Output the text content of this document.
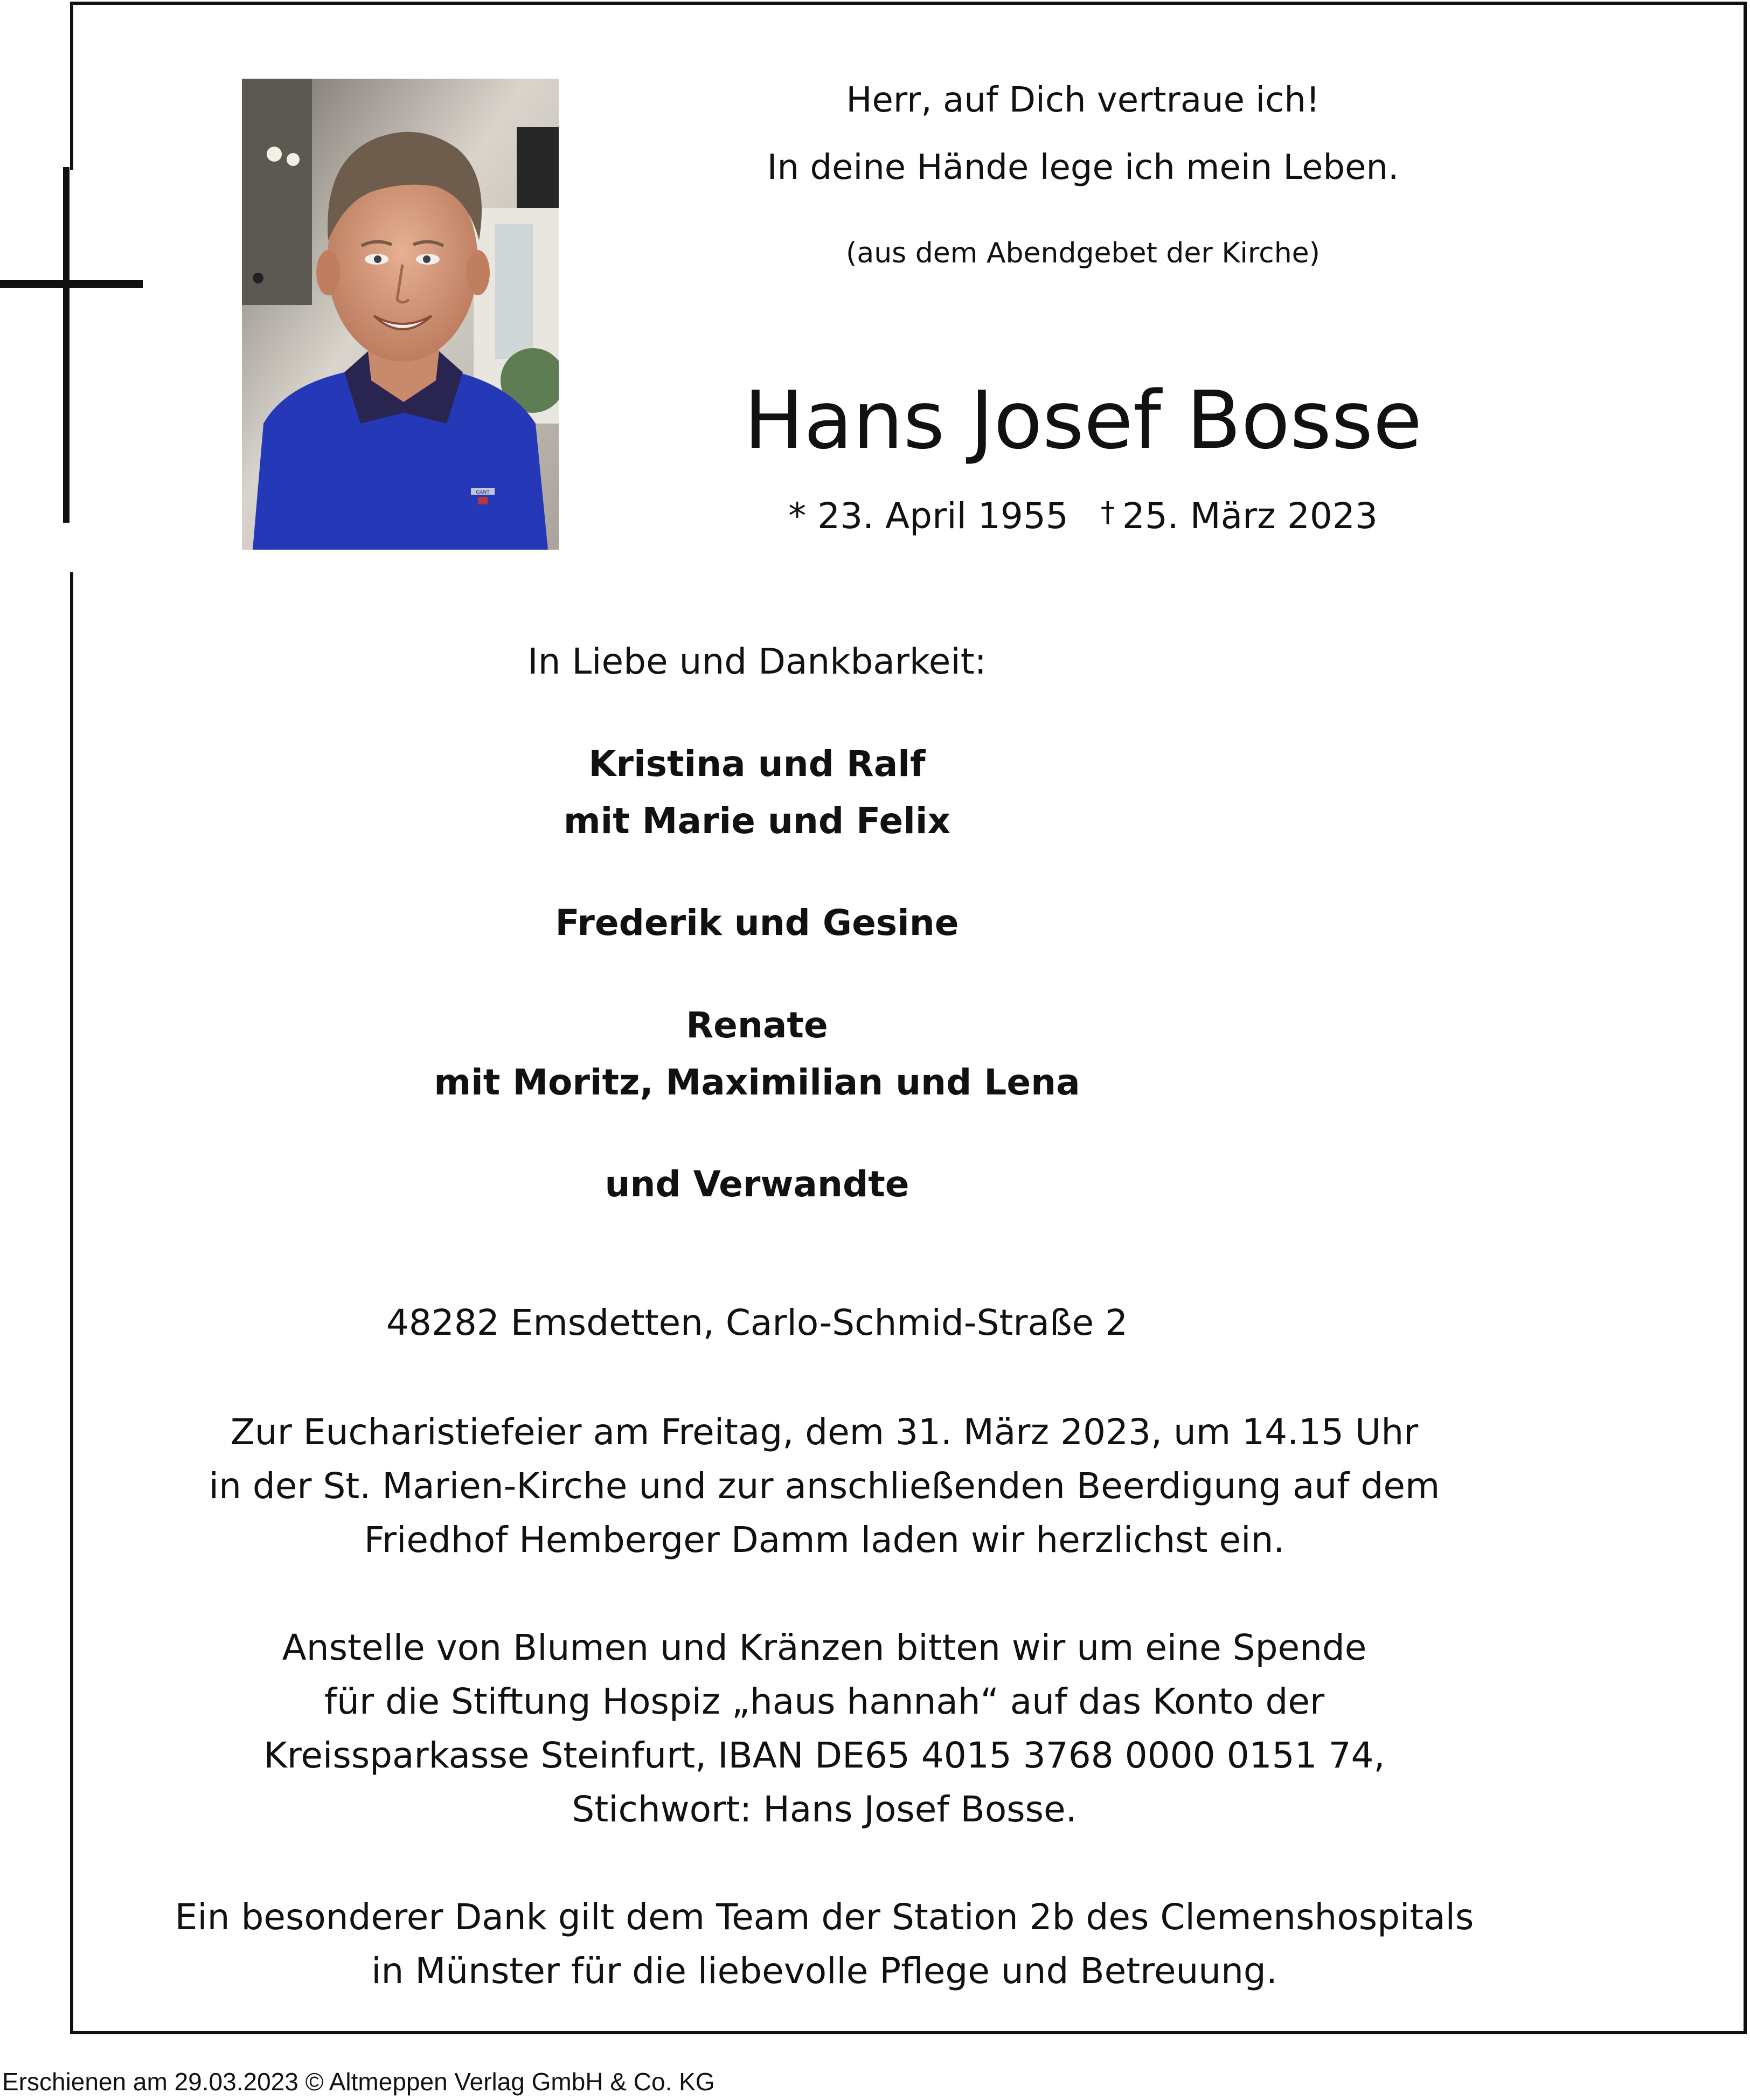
GANT
Herr, auf Dich vertraue ich!
In deine Hände lege ich mein Leben.
(aus dem Abendgebet der Kirche)
Hans Josef Bosse
* 23. April 1955 † 25. März 2023
In Liebe und Dankbarkeit:
Kristina und Ralf
mit Marie und Felix
Frederik und Gesine
Renate
mit Moritz, Maximilian und Lena
und Verwandte
48282 Emsdetten, Carlo-Schmid-Straße 2
Zur Eucharistiefeier am Freitag, dem 31. März 2023, um 14.15 Uhr
in der St. Marien-Kirche und zur anschließenden Beerdigung auf dem
Friedhof Hemberger Damm laden wir herzlichst ein.
Anstelle von Blumen und Kränzen bitten wir um eine Spende
für die Stiftung Hospiz „haus hannah“ auf das Konto der
Kreissparkasse Steinfurt, IBAN DE65 4015 3768 0000 0151 74,
Stichwort: Hans Josef Bosse.
Ein besonderer Dank gilt dem Team der Station 2b des Clemenshospitals
in Münster für die liebevolle Pflege und Betreuung.
Erschienen am 29.03.2023 © Altmeppen Verlag GmbH & Co. KG
